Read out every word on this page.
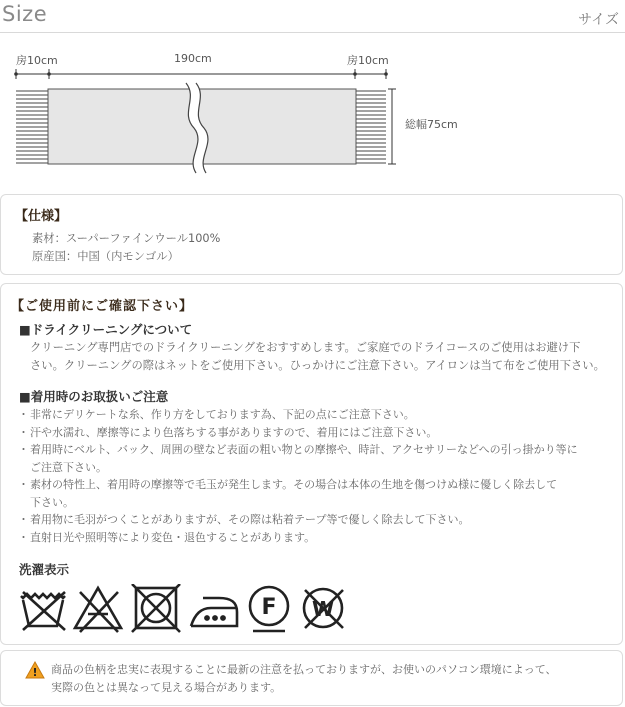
Size	サイズ
房10cm	190cm	房10cm
総幅75cm
【仕様】
素材：スーパーファインウール100%
原産国：中国（内モンゴル）
【ご使用前にご確認下さい】
■ドライクリーニングについて
クリーニング専門店でのドライクリーニングをおすすめします。ご家庭でのドライコースのご使用はお避け下
さい。クリーニングの際はネットをご使用下さい。ひっかけにご注意下さい。アイロンは当て布をご使用下さい。
■着用時のお取扱いご注意
・ 非常にデリケートな糸、作り方をしております為、下記の点にご注意下さい。
・ 汗や水濡れ、摩擦等により色落ちする事がありますので、着用にはご注意下さい。
・ 着用時にベルト、バック、周囲の壁など表面の粗い物との摩擦や、時計、アクセサリーなどへの引っ掛かり等に
ご注意下さい。
・ 素材の特性上、着用時の摩擦等で毛玉が発生します。その場合は本体の生地を傷つけぬ様に優しく除去して
下さい。
・ 着用物に毛羽がつくことがありますが、その際は粘着テープ等で優しく除去して下さい。
・ 直射日光や照明等により変色・退色することがあります。
洗濯表示
F W
! 商品の色柄を忠実に表現することに最新の注意を払っておりますが、お使いのパソコン環境によって、
実際の色とは異なって見える場合があります。
